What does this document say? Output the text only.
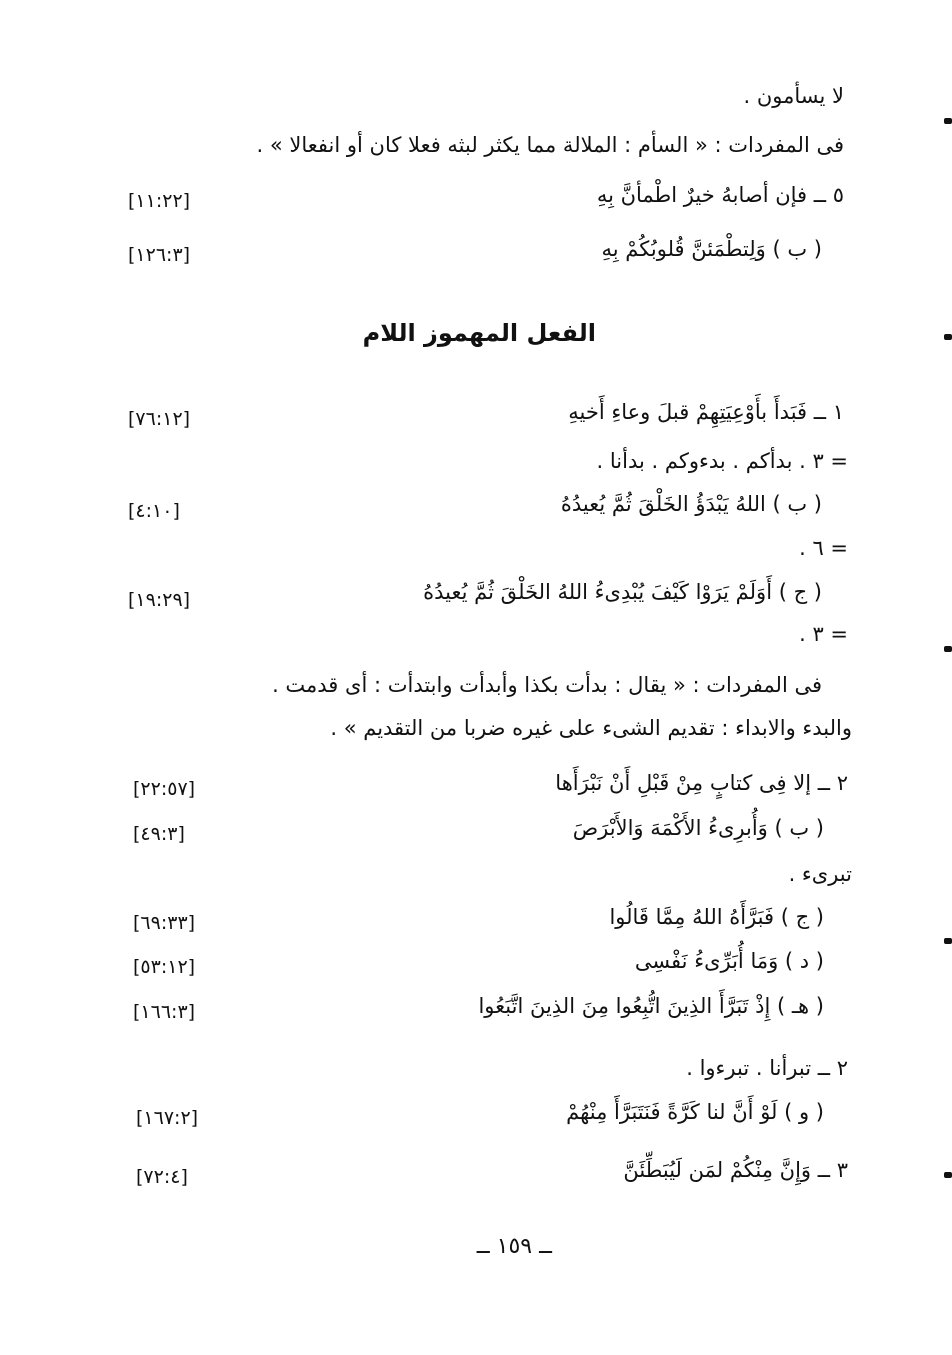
لا يسأمون .
فى المفردات : « السأم : الملالة مما يكثر لبثه فعلا كان أو انفعالا » .
٥ ــ فإن أصابهُ خيرٌ اطْمأنَّ بِهِ
[١١:٢٢]
( ب ) وَلِتطْمَئنَّ قُلوبُكُمْ بِهِ
[١٢٦:٣]
الفعل المهموز اللام
١ ــ فَبَدأَ بأَوْعِيَتِهِمْ قبلَ وعاءِ أَخيهِ
[٧٦:١٢]
= ٣ . بدأكم . بدءوكم . بدأنا .
( ب ) اللهُ يَبْدَؤُ الخَلْقَ ثُمَّ يُعيدُهُ
[٤:١٠]
= ٦ .
( ج ) أَوَلَمْ يَرَوْا كَيْفَ يُبْدِىءُ اللهُ الخَلْقَ ثُمَّ يُعيدُهُ
[١٩:٢٩]
= ٣ .
فى المفردات : « يقال : بدأت بكذا وأبدأت وابتدأت : أى قدمت .
والبدء والابداء : تقديم الشىء على غيره ضربا من التقديم » .
٢ ــ إلا فِى كتابٍ مِنْ قَبْلِ أَنْ نَبْرَأَها
[٢٢:٥٧]
( ب ) وَأُبرِىءُ الأَكْمَهَ وَالأَبْرَصَ
[٤٩:٣]
تبرىء .
( ج ) فَبَرَّأَهُ اللهُ مِمَّا قَالُوا
[٦٩:٣٣]
( د ) وَمَا أُبَرِّىءُ نَفْسِى
[٥٣:١٢]
( هـ ) إِذْ تَبَرَّأَ الذِينَ اتُّبِعُوا مِنَ الذِينَ اتَّبَعُوا
[١٦٦:٣]
٢ ــ تبرأنا . تبرءوا .
( و ) لَوْ أَنَّ لنا كَرَّةً فَنَتَبَرَّأَ مِنْهُمْ
[١٦٧:٢]
٣ ــ وَإِنَّ مِنْكُمْ لمَن لَيُبَطِّئَنَّ
[٧٢:٤]
ــ ١٥٩ ــ
